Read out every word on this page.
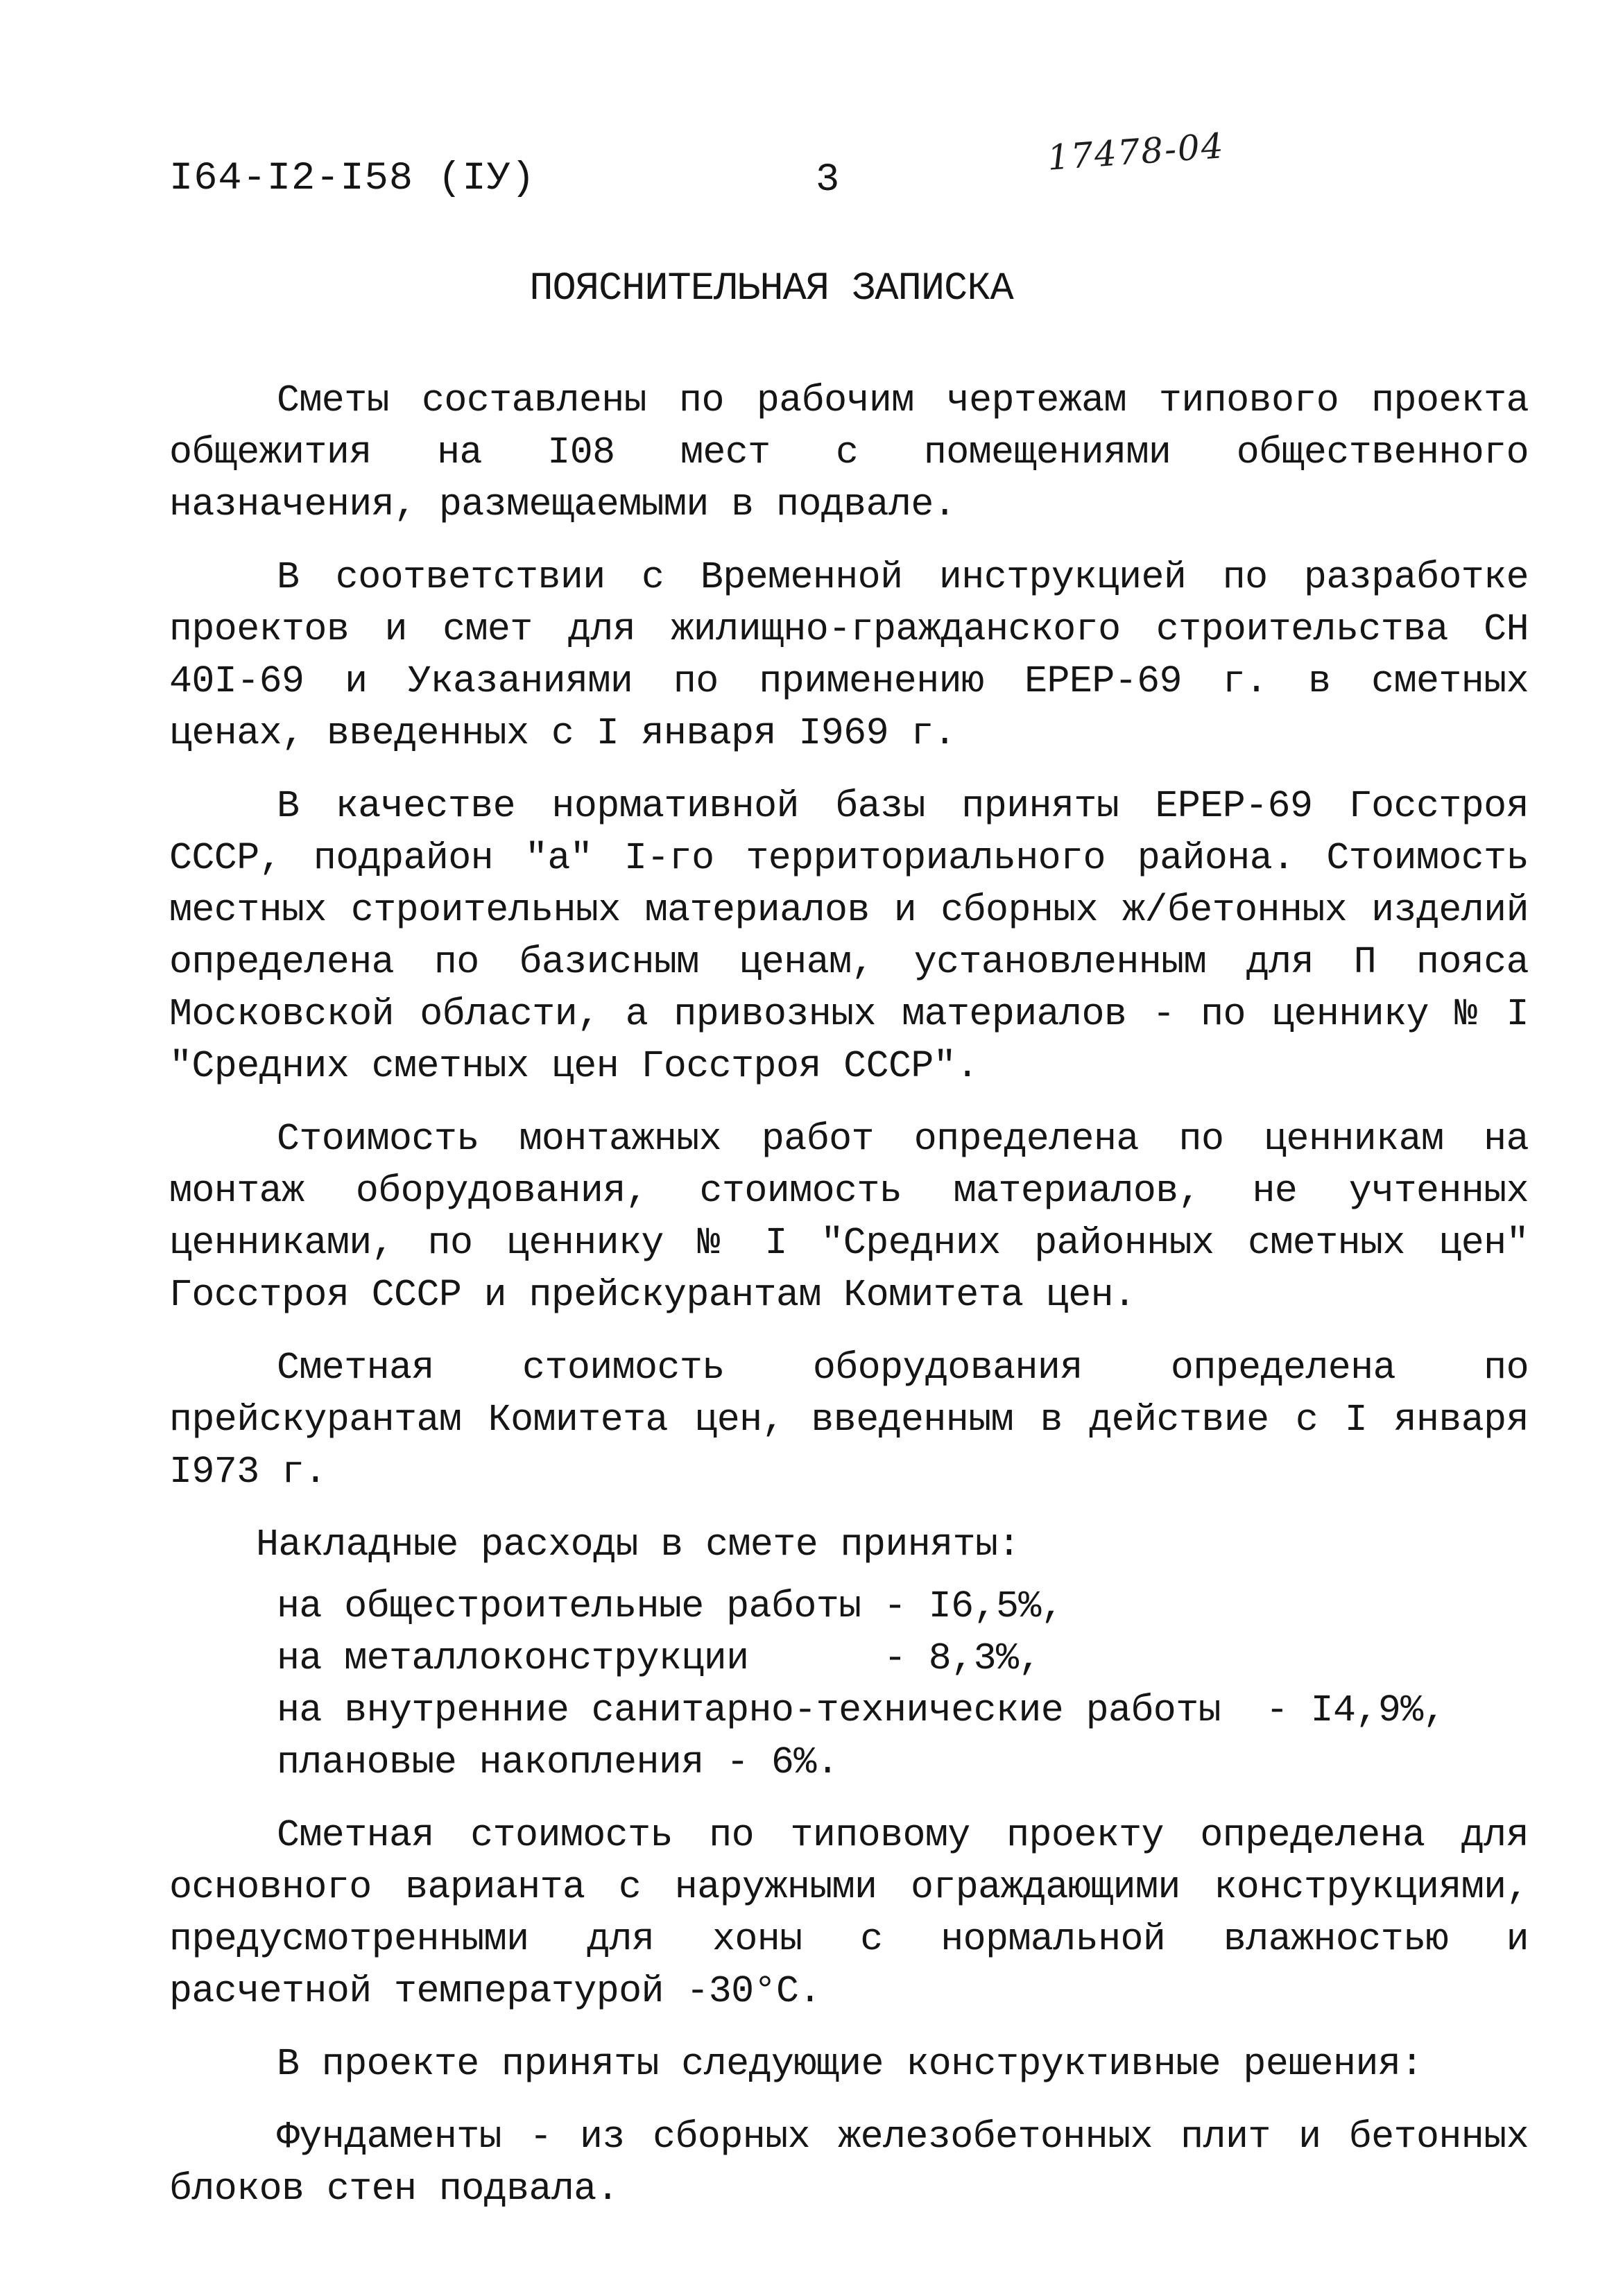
I64-I2-I58 (IУ)	3
17478-04
ПОЯСНИТЕЛЬНАЯ ЗАПИСКА

Сметы составлены по рабочим чертежам типового проекта общежития на I08 мест с помещениями общественного назначения, размещаемыми в подвале.

В соответствии с Временной инструкцией по разработке проектов и смет для жилищно-гражданского строительства СН 40I-69 и Указаниями по применению ЕРЕР-69 г. в сметных ценах, введенных с I января I969 г.

В качестве нормативной базы приняты ЕРЕР-69 Госстроя СССР, подрайон "а" I-го территориального района. Стоимость местных строительных материалов и сборных ж/бетонных изделий определена по базисным ценам, установленным для П пояса Московской области, а привозных материалов - по ценнику № I "Средних сметных цен Госстроя СССР".

Стоимость монтажных работ определена по ценникам на монтаж оборудования, стоимость материалов, не учтенных ценниками, по ценнику № I "Средних районных сметных цен" Госстроя СССР и прейскурантам Комитета цен.

Сметная стоимость оборудования определена по прейскурантам Комитета цен, введенным в действие с I января I973 г.

Накладные расходы в смете приняты:

на общестроительные работы - I6,5%,
на металлоконструкции      - 8,3%,
на внутренние санитарно-технические работы  - I4,9%,
плановые накопления - 6%.

Сметная стоимость по типовому проекту определена для основного варианта с наружными ограждающими конструкциями, предусмотренными для хоны с нормальной влажностью и расчетной температурой -30°С.

В проекте приняты следующие конструктивные решения:

Фундаменты - из сборных железобетонных плит и бетонных блоков стен подвала.
